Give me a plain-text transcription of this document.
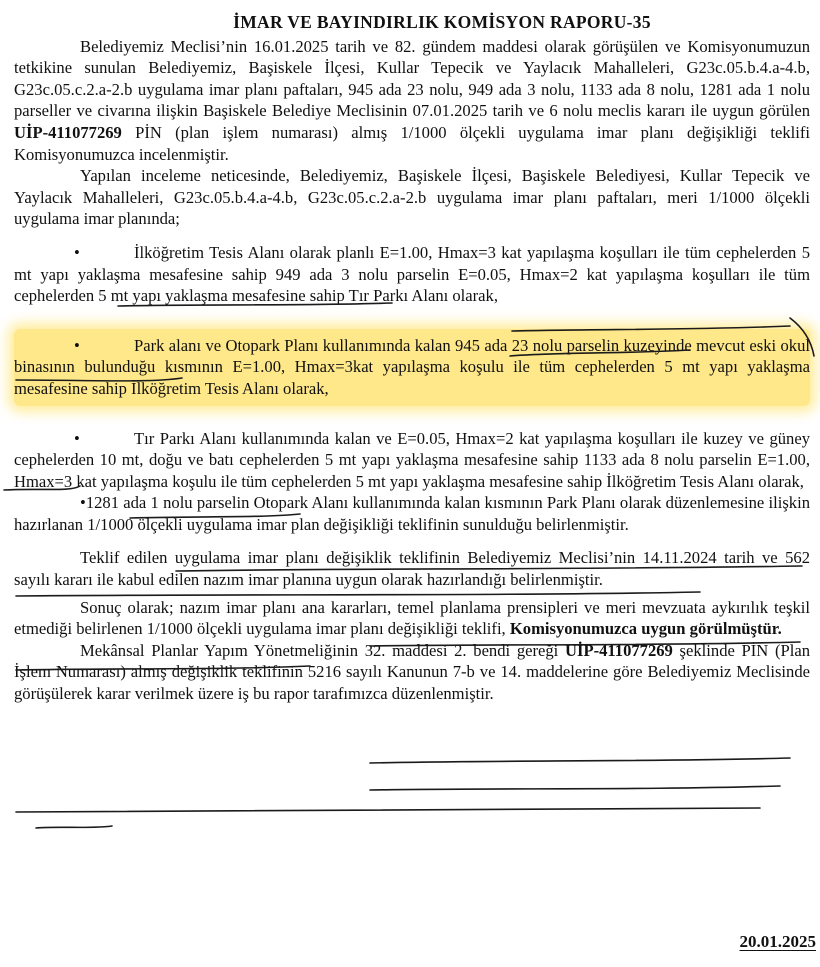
İMAR VE BAYINDIRLIK KOMİSYON RAPORU-35

Belediyemiz Meclisi’nin 16.01.2025 tarih ve 82. gündem maddesi olarak görüşülen ve Komisyonumuzun tetkikine sunulan Belediyemiz, Başiskele İlçesi, Kullar Tepecik ve Yaylacık Mahalleleri, G23c.05.b.4.a-4.b, G23c.05.c.2.a-2.b uygulama imar planı paftaları, 945 ada 23 nolu, 949 ada 3 nolu, 1133 ada 8 nolu, 1281 ada 1 nolu parseller ve civarına ilişkin Başiskele Belediye Meclisinin 07.01.2025 tarih ve 6 nolu meclis kararı ile uygun görülen UİP-411077269 PİN (plan işlem numarası) almış 1/1000 ölçekli uygulama imar planı değişikliği teklifi Komisyonumuzca incelenmiştir.

Yapılan inceleme neticesinde, Belediyemiz, Başiskele İlçesi, Başiskele Belediyesi, Kullar Tepecik ve Yaylacık Mahalleleri, G23c.05.b.4.a-4.b, G23c.05.c.2.a-2.b uygulama imar planı paftaları, meri 1/1000 ölçekli uygulama imar planında;

•	İlköğretim Tesis Alanı olarak planlı E=1.00, Hmax=3 kat yapılaşma koşulları ile tüm cephelerden 5 mt yapı yaklaşma mesafesine sahip 949 ada 3 nolu parselin E=0.05, Hmax=2 kat yapılaşma koşulları ile tüm cephelerden 5 mt yapı yaklaşma mesafesine sahip Tır Parkı Alanı olarak,

•	Park alanı ve Otopark Planı kullanımında kalan 945 ada 23 nolu parselin kuzeyinde mevcut eski okul binasının bulunduğu kısmının E=1.00, Hmax=3kat yapılaşma koşulu ile tüm cephelerden 5 mt yapı yaklaşma mesafesine sahip İlköğretim Tesis Alanı olarak,

•	Tır Parkı Alanı kullanımında kalan ve E=0.05, Hmax=2 kat yapılaşma koşulları ile kuzey ve güney cephelerden 10 mt, doğu ve batı cephelerden 5 mt yapı yaklaşma mesafesine sahip 1133 ada 8 nolu parselin E=1.00, Hmax=3 kat yapılaşma koşulu ile tüm cephelerden 5 mt yapı yaklaşma mesafesine sahip İlköğretim Tesis Alanı olarak,

•1281 ada 1 nolu parselin Otopark Alanı kullanımında kalan kısmının Park Planı olarak düzenlemesine ilişkin hazırlanan 1/1000 ölçekli uygulama imar plan değişikliği teklifinin sunulduğu belirlenmiştir.

Teklif edilen uygulama imar planı değişiklik teklifinin Belediyemiz Meclisi’nin 14.11.2024 tarih ve 562 sayılı kararı ile kabul edilen nazım imar planına uygun olarak hazırlandığı belirlenmiştir.

Sonuç olarak; nazım imar planı ana kararları, temel planlama prensipleri ve meri mevzuata aykırılık teşkil etmediği belirlenen 1/1000 ölçekli uygulama imar planı değişikliği teklifi, Komisyonumuzca uygun görülmüştür.

Mekânsal Planlar Yapım Yönetmeliğinin 32. maddesi 2. bendi gereği UİP-411077269 şeklinde PİN (Plan İşlem Numarası) almış değişiklik teklifinin 5216 sayılı Kanunun 7-b ve 14. maddelerine göre Belediyemiz Meclisinde görüşülerek karar verilmek üzere iş bu rapor tarafımızca düzenlenmiştir.

20.01.2025
